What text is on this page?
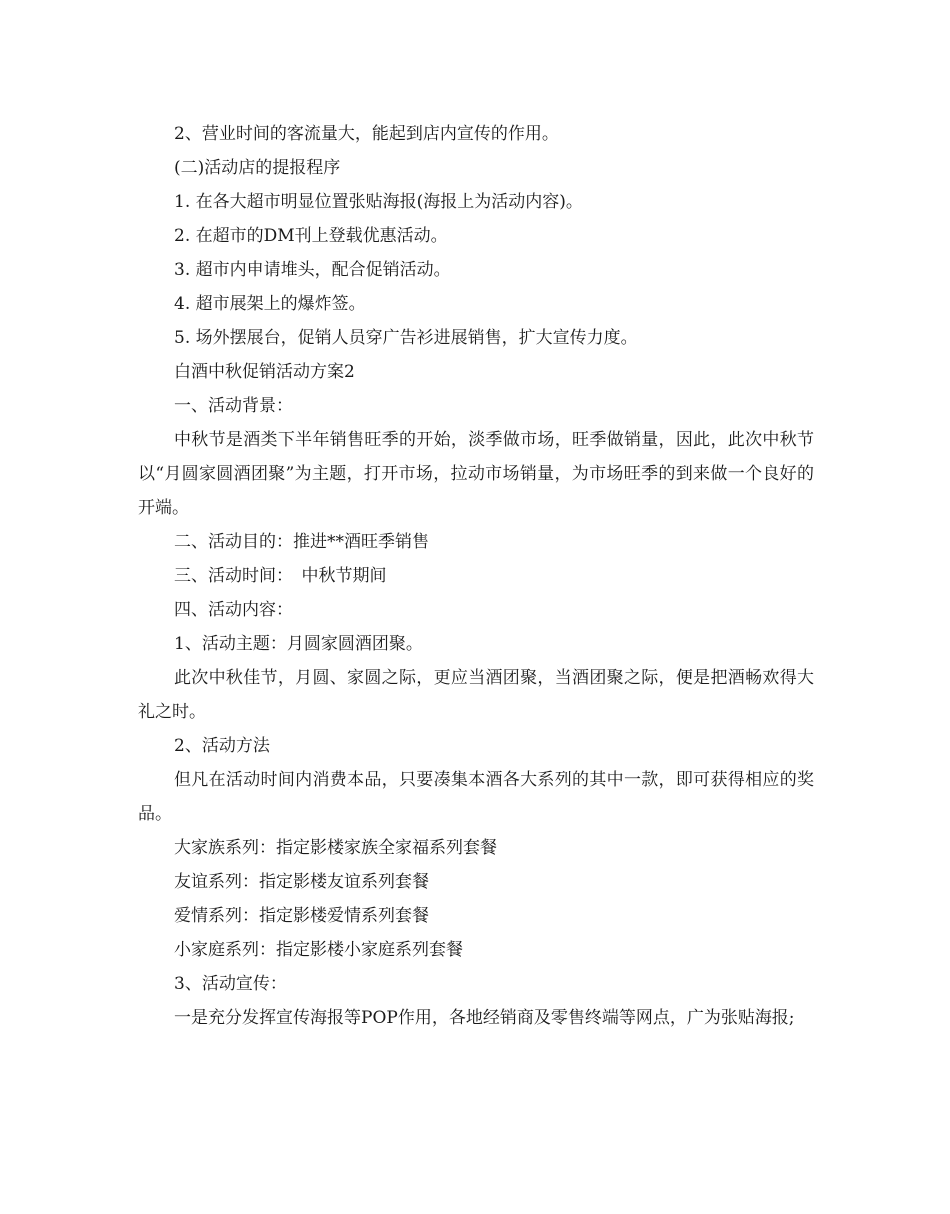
2、营业时间的客流量大，能起到店内宣传的作用。

(二)活动店的提报程序

1. 在各大超市明显位置张贴海报(海报上为活动内容)。

2. 在超市的DM刊上登载优惠活动。

3. 超市内申请堆头，配合促销活动。

4. 超市展架上的爆炸签。

5. 场外摆展台，促销人员穿广告衫进展销售，扩大宣传力度。

白酒中秋促销活动方案2

一、活动背景：

中秋节是酒类下半年销售旺季的开始，淡季做市场，旺季做销量，因此，此次中秋节以“月圆家圆酒团聚”为主题，打开市场，拉动市场销量，为市场旺季的到来做一个良好的开端。

二、活动目的：推进**酒旺季销售

三、活动时间：　中秋节期间

四、活动内容：

1、活动主题：月圆家圆酒团聚。

此次中秋佳节，月圆、家圆之际，更应当酒团聚，当酒团聚之际，便是把酒畅欢得大礼之时。

2、活动方法

但凡在活动时间内消费本品，只要凑集本酒各大系列的其中一款，即可获得相应的奖品。

大家族系列：指定影楼家族全家福系列套餐

友谊系列：指定影楼友谊系列套餐

爱情系列：指定影楼爱情系列套餐

小家庭系列：指定影楼小家庭系列套餐

3、活动宣传：

一是充分发挥宣传海报等POP作用，各地经销商及零售终端等网点，广为张贴海报;
